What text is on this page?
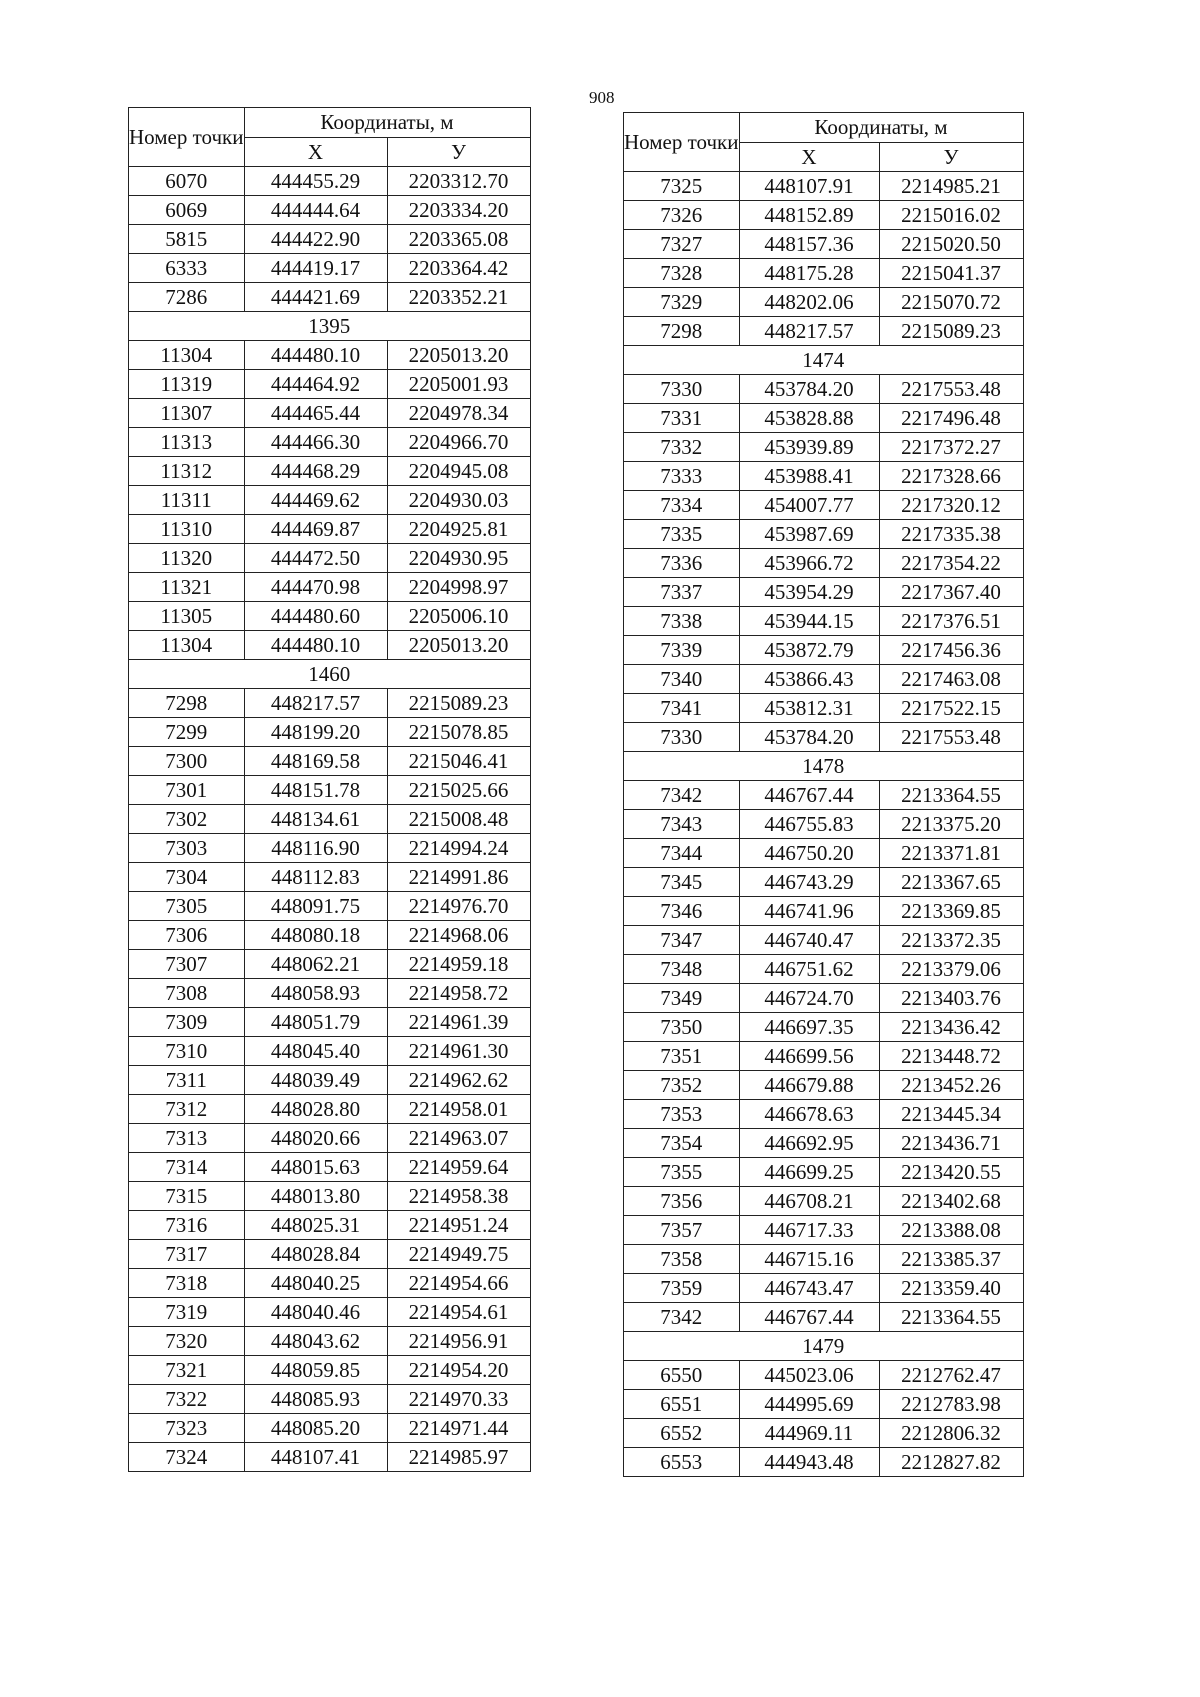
908
Номер точки	Координаты, м	
	X	У
6070	444455.29	2203312.70
6069	444444.64	2203334.20
5815	444422.90	2203365.08
6333	444419.17	2203364.42
7286	444421.69	2203352.21
1395		
11304	444480.10	2205013.20
11319	444464.92	2205001.93
11307	444465.44	2204978.34
11313	444466.30	2204966.70
11312	444468.29	2204945.08
11311	444469.62	2204930.03
11310	444469.87	2204925.81
11320	444472.50	2204930.95
11321	444470.98	2204998.97
11305	444480.60	2205006.10
11304	444480.10	2205013.20
1460		
7298	448217.57	2215089.23
7299	448199.20	2215078.85
7300	448169.58	2215046.41
7301	448151.78	2215025.66
7302	448134.61	2215008.48
7303	448116.90	2214994.24
7304	448112.83	2214991.86
7305	448091.75	2214976.70
7306	448080.18	2214968.06
7307	448062.21	2214959.18
7308	448058.93	2214958.72
7309	448051.79	2214961.39
7310	448045.40	2214961.30
7311	448039.49	2214962.62
7312	448028.80	2214958.01
7313	448020.66	2214963.07
7314	448015.63	2214959.64
7315	448013.80	2214958.38
7316	448025.31	2214951.24
7317	448028.84	2214949.75
7318	448040.25	2214954.66
7319	448040.46	2214954.61
7320	448043.62	2214956.91
7321	448059.85	2214954.20
7322	448085.93	2214970.33
7323	448085.20	2214971.44
7324	448107.41	2214985.97
Номер точки	Координаты, м	
	X	У
7325	448107.91	2214985.21
7326	448152.89	2215016.02
7327	448157.36	2215020.50
7328	448175.28	2215041.37
7329	448202.06	2215070.72
7298	448217.57	2215089.23
1474		
7330	453784.20	2217553.48
7331	453828.88	2217496.48
7332	453939.89	2217372.27
7333	453988.41	2217328.66
7334	454007.77	2217320.12
7335	453987.69	2217335.38
7336	453966.72	2217354.22
7337	453954.29	2217367.40
7338	453944.15	2217376.51
7339	453872.79	2217456.36
7340	453866.43	2217463.08
7341	453812.31	2217522.15
7330	453784.20	2217553.48
1478		
7342	446767.44	2213364.55
7343	446755.83	2213375.20
7344	446750.20	2213371.81
7345	446743.29	2213367.65
7346	446741.96	2213369.85
7347	446740.47	2213372.35
7348	446751.62	2213379.06
7349	446724.70	2213403.76
7350	446697.35	2213436.42
7351	446699.56	2213448.72
7352	446679.88	2213452.26
7353	446678.63	2213445.34
7354	446692.95	2213436.71
7355	446699.25	2213420.55
7356	446708.21	2213402.68
7357	446717.33	2213388.08
7358	446715.16	2213385.37
7359	446743.47	2213359.40
7342	446767.44	2213364.55
1479		
6550	445023.06	2212762.47
6551	444995.69	2212783.98
6552	444969.11	2212806.32
6553	444943.48	2212827.82
